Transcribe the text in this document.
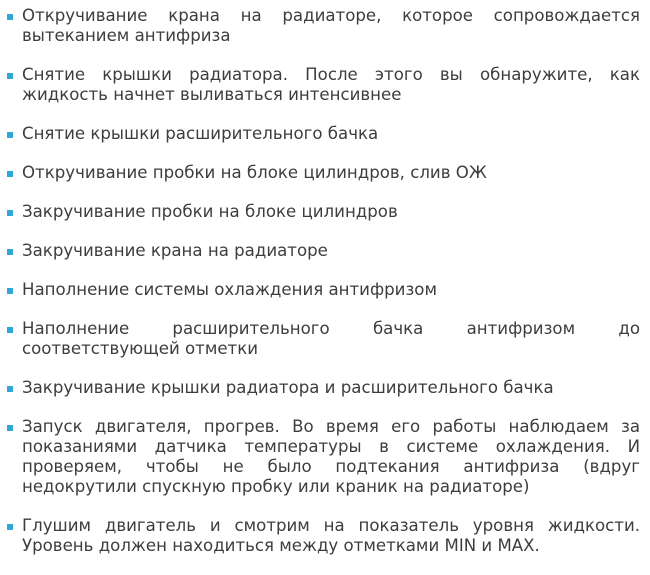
Откручивание крана на радиаторе, которое сопровождается вытеканием антифриза
Снятие крышки радиатора. После этого вы обнаружите, как жидкость начнет выливаться интенсивнее
Снятие крышки расширительного бачка
Откручивание пробки на блоке цилиндров, слив ОЖ
Закручивание пробки на блоке цилиндров
Закручивание крана на радиаторе
Наполнение системы охлаждения антифризом
Наполнение расширительного бачка антифризом до соответствующей отметки
Закручивание крышки радиатора и расширительного бачка
Запуск двигателя, прогрев. Во время его работы наблюдаем за показаниями датчика температуры в системе охлаждения. И проверяем, чтобы не было подтекания антифриза (вдруг недокрутили спускную пробку или краник на радиаторе)
Глушим двигатель и смотрим на показатель уровня жидкости. Уровень должен находиться между отметками MIN и MAX.
